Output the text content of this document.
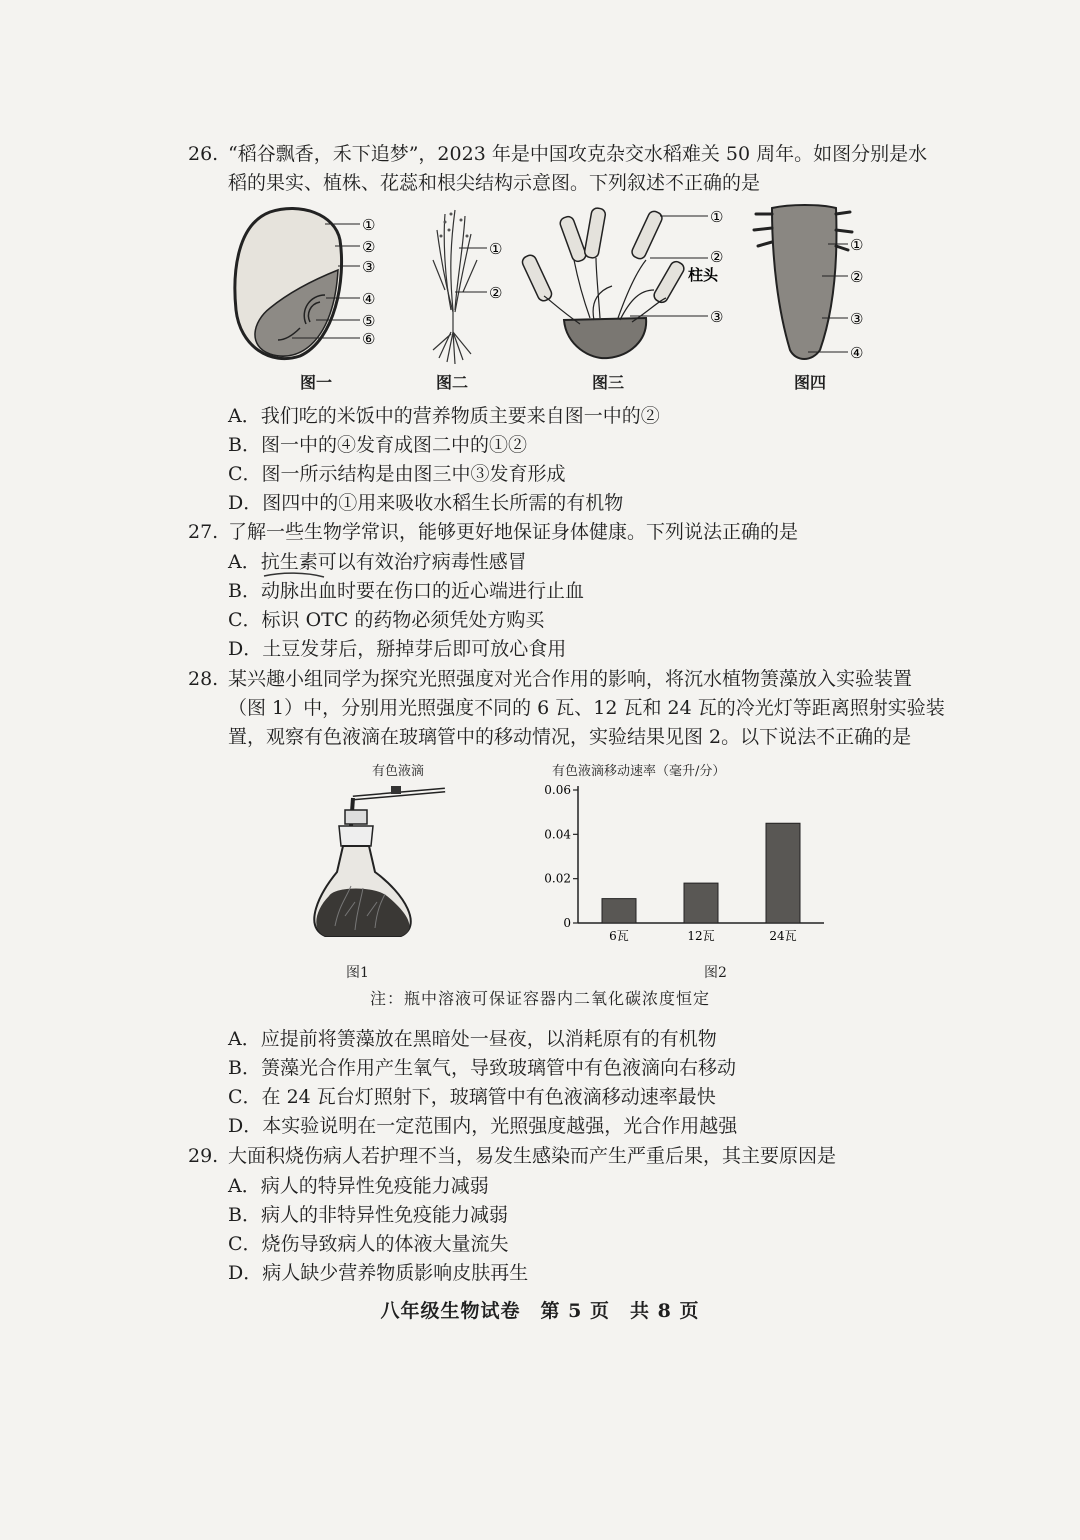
26. “稻谷飘香，禾下追梦”，2023 年是中国攻克杂交水稻难关 50 周年。如图分别是水
稻的果实、植株、花蕊和根尖结构示意图。下列叙述不正确的是
①
②
③
④
⑤
⑥
图一
①
②
图二
①
②
柱头
③
图三
①
②
③
④
图四
A．我们吃的米饭中的营养物质主要来自图一中的②
B．图一中的④发育成图二中的①②
C．图一所示结构是由图三中③发育形成
D．图四中的①用来吸收水稻生长所需的有机物
27. 了解一些生物学常识，能够更好地保证身体健康。下列说法正确的是
A．抗生素可以有效治疗病毒性感冒
B．动脉出血时要在伤口的近心端进行止血
C．标识 OTC 的药物必须凭处方购买
D．土豆发芽后，掰掉芽后即可放心食用
28. 某兴趣小组同学为探究光照强度对光合作用的影响，将沉水植物箦藻放入实验装置
（图 1）中，分别用光照强度不同的 6 瓦、12 瓦和 24 瓦的冷光灯等距离照射实验装
置，观察有色液滴在玻璃管中的移动情况，实验结果见图 2。以下说法不正确的是
有色液滴
图1
有色液滴移动速率（毫升/分）
0
0.02
0.04
0.06
6瓦	12瓦	24瓦
图2
注：瓶中溶液可保证容器内二氧化碳浓度恒定
A．应提前将箦藻放在黑暗处一昼夜，以消耗原有的有机物
B．箦藻光合作用产生氧气，导致玻璃管中有色液滴向右移动
C．在 24 瓦台灯照射下，玻璃管中有色液滴移动速率最快
D．本实验说明在一定范围内，光照强度越强，光合作用越强
29. 大面积烧伤病人若护理不当，易发生感染而产生严重后果，其主要原因是
A．病人的特异性免疫能力减弱
B．病人的非特异性免疫能力减弱
C．烧伤导致病人的体液大量流失
D．病人缺少营养物质影响皮肤再生
八年级生物试卷　第 5 页　共 8 页
